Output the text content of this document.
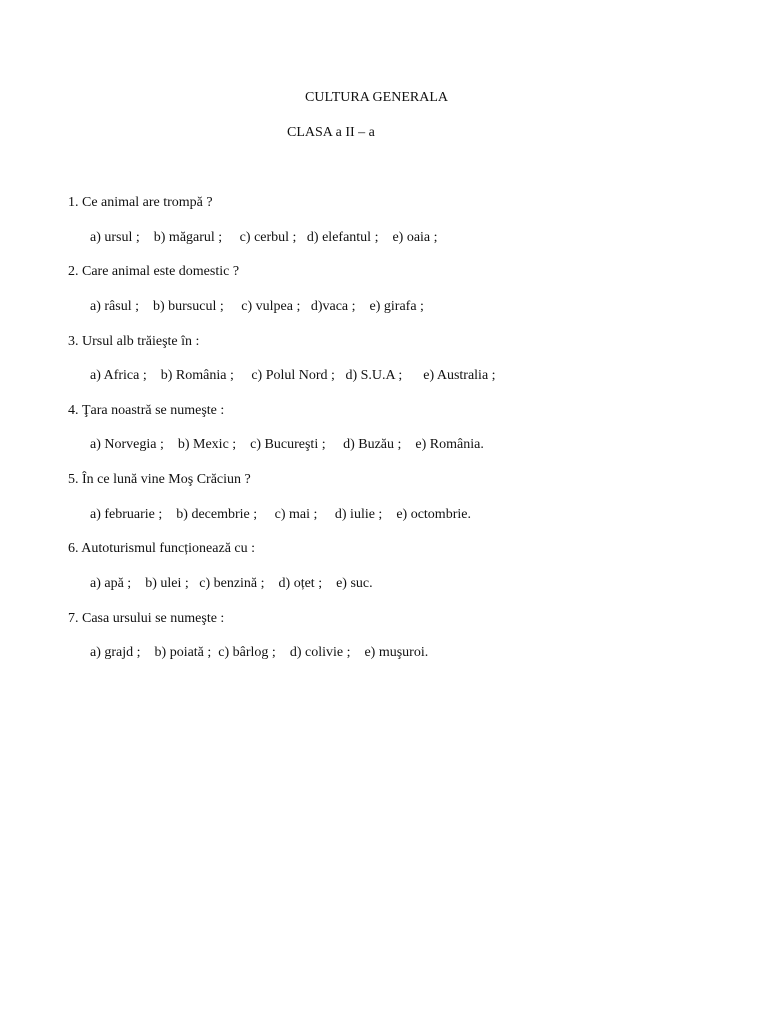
CULTURA GENERALA
CLASA a II – a
1. Ce animal are trompă ?
a) ursul ;    b) măgarul ;     c) cerbul ;   d) elefantul ;    e) oaia ;
2. Care animal este domestic ?
a) râsul ;    b) bursucul ;     c) vulpea ;   d)vaca ;    e) girafa ;
3. Ursul alb trăieşte în :
a) Africa ;    b) România ;     c) Polul Nord ;   d) S.U.A ;      e) Australia ;
4. Ţara noastră se numeşte :
a) Norvegia ;    b) Mexic ;    c) Bucureşti ;     d) Buzău ;    e) România.
5. În ce lună vine Moş Crăciun ?
a) februarie ;    b) decembrie ;     c) mai ;     d) iulie ;    e) octombrie.
6. Autoturismul funcționează cu :
a) apă ;    b) ulei ;   c) benzină ;    d) oțet ;    e) suc.
7. Casa ursului se numeşte :
a) grajd ;    b) poiată ;  c) bârlog ;    d) colivie ;    e) muşuroi.
